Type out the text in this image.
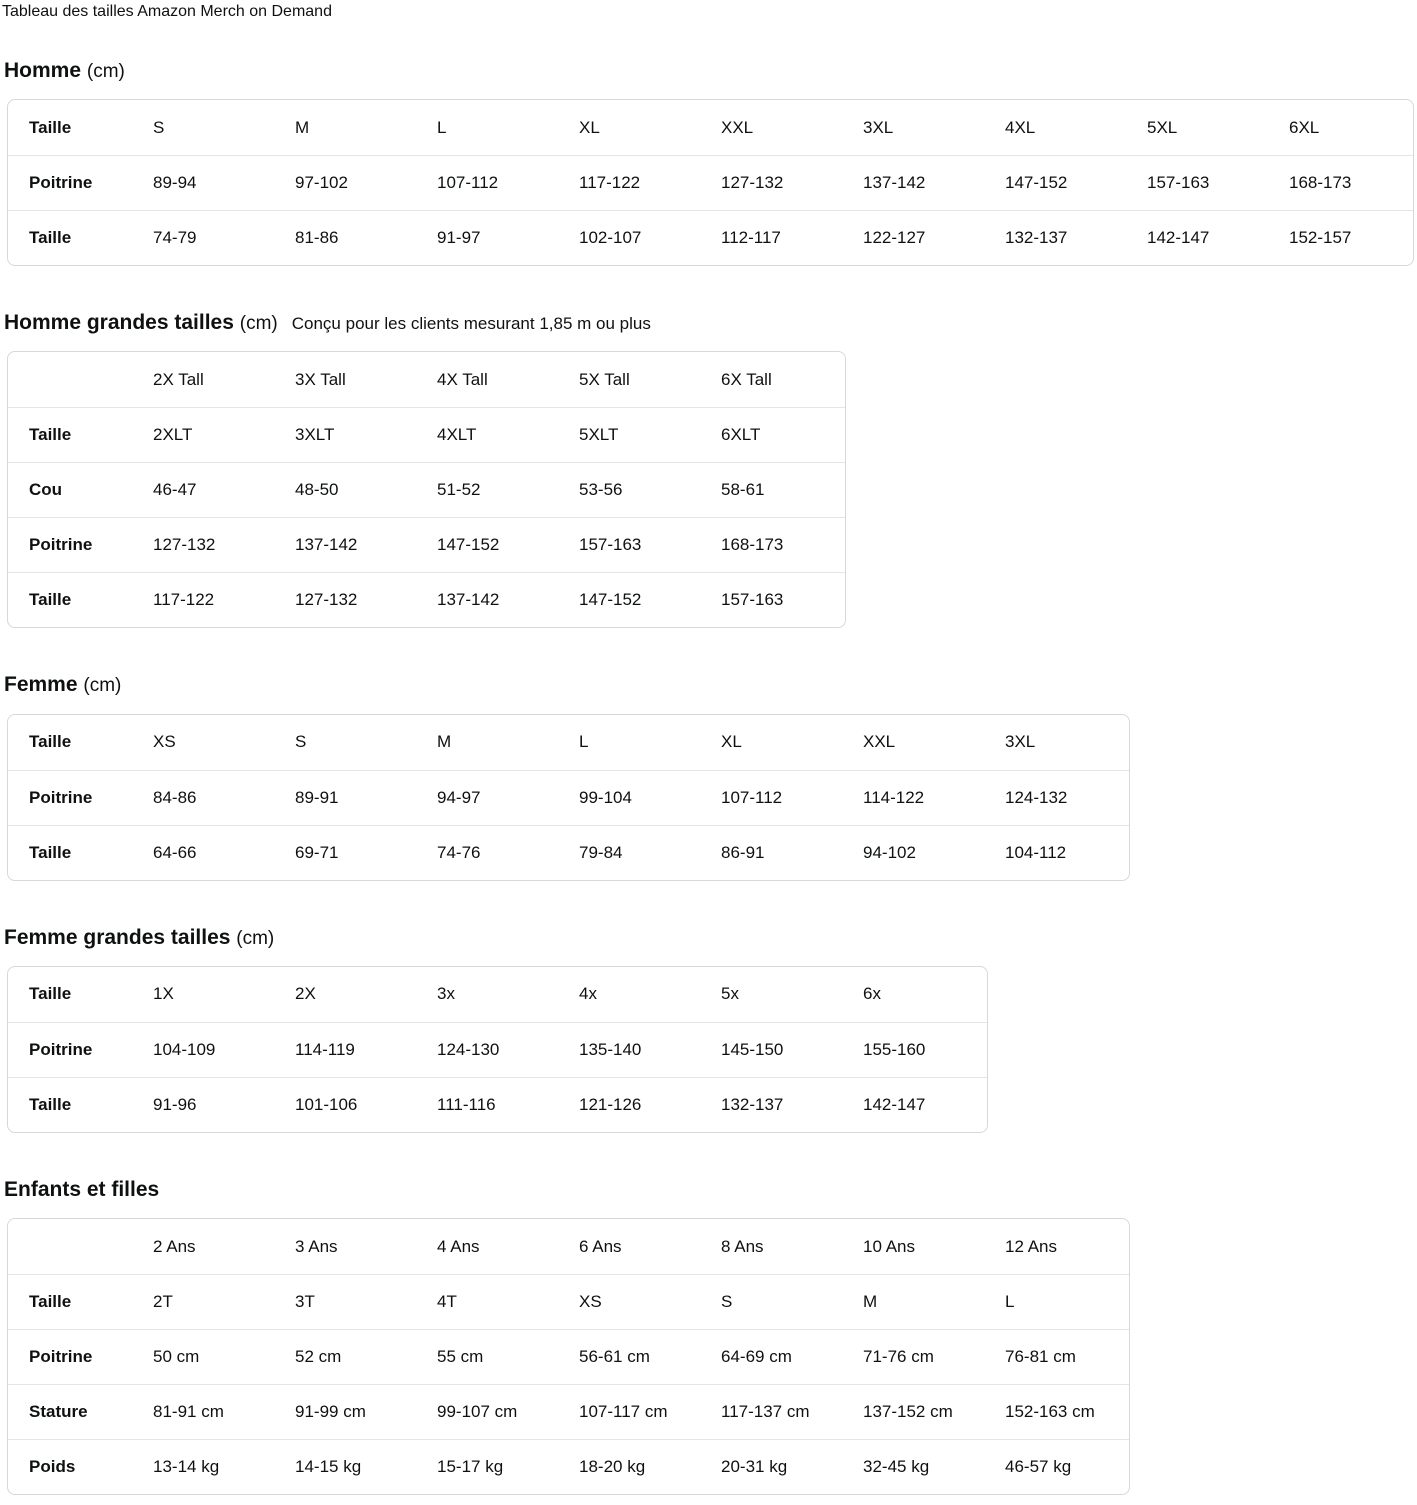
Tableau des tailles Amazon Merch on Demand

Homme (cm)
Taille	S	M	L	XL	XXL	3XL	4XL	5XL	6XL
Poitrine	89-94	97-102	107-112	117-122	127-132	137-142	147-152	157-163	168-173
Taille	74-79	81-86	91-97	102-107	112-117	122-127	132-137	142-147	152-157
Homme grandes tailles (cm) Conçu pour les clients mesurant 1,85 m ou plus
	2X Tall	3X Tall	4X Tall	5X Tall	6X Tall
Taille	2XLT	3XLT	4XLT	5XLT	6XLT
Cou	46-47	48-50	51-52	53-56	58-61
Poitrine	127-132	137-142	147-152	157-163	168-173
Taille	117-122	127-132	137-142	147-152	157-163
Femme (cm)
Taille	XS	S	M	L	XL	XXL	3XL
Poitrine	84-86	89-91	94-97	99-104	107-112	114-122	124-132
Taille	64-66	69-71	74-76	79-84	86-91	94-102	104-112
Femme grandes tailles (cm)
Taille	1X	2X	3x	4x	5x	6x
Poitrine	104-109	114-119	124-130	135-140	145-150	155-160
Taille	91-96	101-106	111-116	121-126	132-137	142-147
Enfants et filles
	2 Ans	3 Ans	4 Ans	6 Ans	8 Ans	10 Ans	12 Ans
Taille	2T	3T	4T	XS	S	M	L
Poitrine	50 cm	52 cm	55 cm	56-61 cm	64-69 cm	71-76 cm	76-81 cm
Stature	81-91 cm	91-99 cm	99-107 cm	107-117 cm	117-137 cm	137-152 cm	152-163 cm
Poids	13-14 kg	14-15 kg	15-17 kg	18-20 kg	20-31 kg	32-45 kg	46-57 kg
